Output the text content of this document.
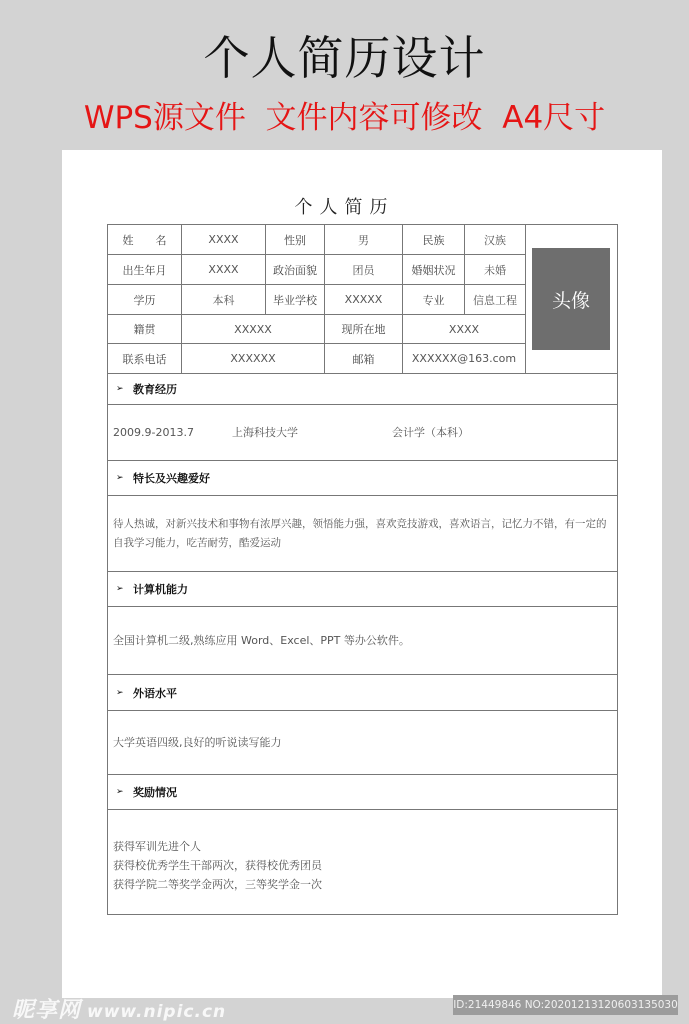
个人简历设计
WPS源文件  文件内容可修改  A4尺寸
个人简历
姓　　名	XXXX	性别	男	民族	汉族
出生年月	XXXX	政治面貌	团员	婚姻状况	未婚
学历	本科	毕业学校	XXXXX	专业	信息工程
籍贯	XXXXX	现所在地	XXXX
联系电话	XXXXXX	邮箱	XXXXXX@163.com
头像
➢ 教育经历
2009.9-2013.7	上海科技大学	会计学（本科）
➢ 特长及兴趣爱好
待人热诚，对新兴技术和事物有浓厚兴趣，领悟能力强，喜欢竞技游戏，喜欢语言，记忆力不错，有一定的
自我学习能力，吃苦耐劳，酷爱运动
➢ 计算机能力
全国计算机二级,熟练应用 Word、Excel、PPT 等办公软件。
➢ 外语水平
大学英语四级,良好的听说读写能力
➢ 奖励情况
获得军训先进个人
获得校优秀学生干部两次，获得校优秀团员
获得学院二等奖学金两次，三等奖学金一次
昵享网 www.nipic.cn	ID:21449846 NO:20201213120603135030
